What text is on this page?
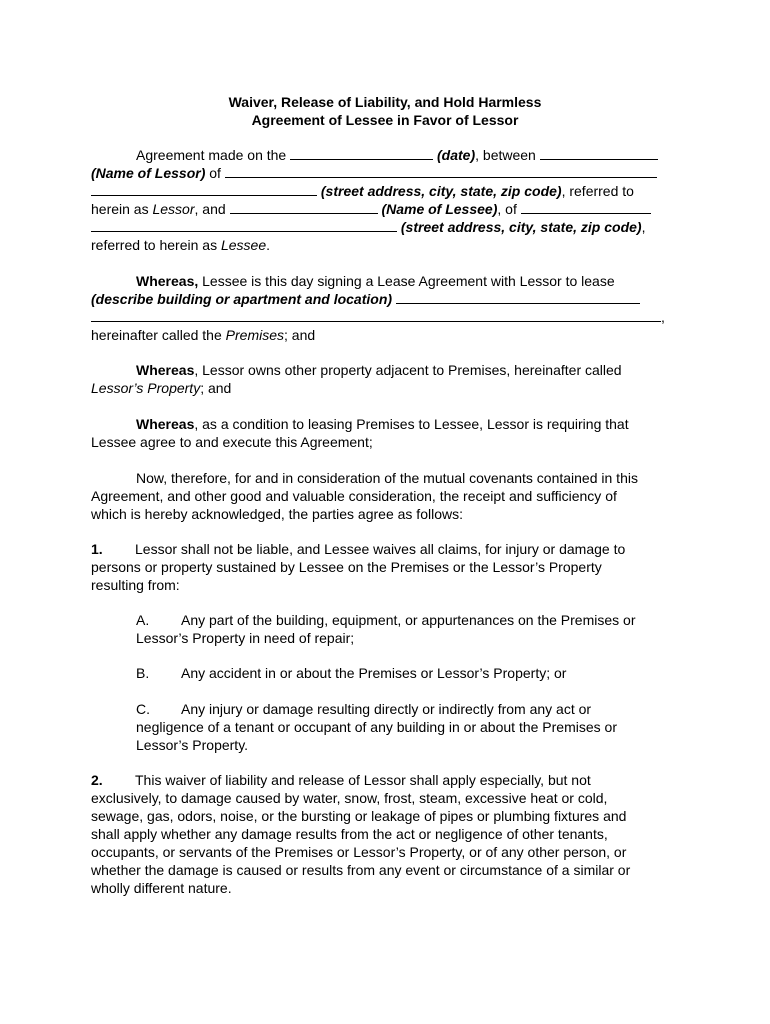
Waiver, Release of Liability, and Hold Harmless
Agreement of Lessee in Favor of Lessor
Agreement made on the	(date), between
(Name of Lessor) of
(street address, city, state, zip code), referred to
herein as Lessor, and	(Name of Lessee), of
(street address, city, state, zip code),
referred to herein as Lessee.
Whereas, Lessee is this day signing a Lease Agreement with Lessor to lease
(describe building or apartment and location)
,
hereinafter called the Premises; and
Whereas, Lessor owns other property adjacent to Premises, hereinafter called
Lessor’s Property; and
Whereas, as a condition to leasing Premises to Lessee, Lessor is requiring that
Lessee agree to and execute this Agreement;
Now, therefore, for and in consideration of the mutual covenants contained in this
Agreement, and other good and valuable consideration, the receipt and sufficiency of
which is hereby acknowledged, the parties agree as follows:
1. Lessor shall not be liable, and Lessee waives all claims, for injury or damage to
persons or property sustained by Lessee on the Premises or the Lessor’s Property
resulting from:
A. Any part of the building, equipment, or appurtenances on the Premises or
Lessor’s Property in need of repair;
B. Any accident in or about the Premises or Lessor’s Property; or
C. Any injury or damage resulting directly or indirectly from any act or
negligence of a tenant or occupant of any building in or about the Premises or
Lessor’s Property.
2. This waiver of liability and release of Lessor shall apply especially, but not
exclusively, to damage caused by water, snow, frost, steam, excessive heat or cold,
sewage, gas, odors, noise, or the bursting or leakage of pipes or plumbing fixtures and
shall apply whether any damage results from the act or negligence of other tenants,
occupants, or servants of the Premises or Lessor’s Property, or of any other person, or
whether the damage is caused or results from any event or circumstance of a similar or
wholly different nature.
